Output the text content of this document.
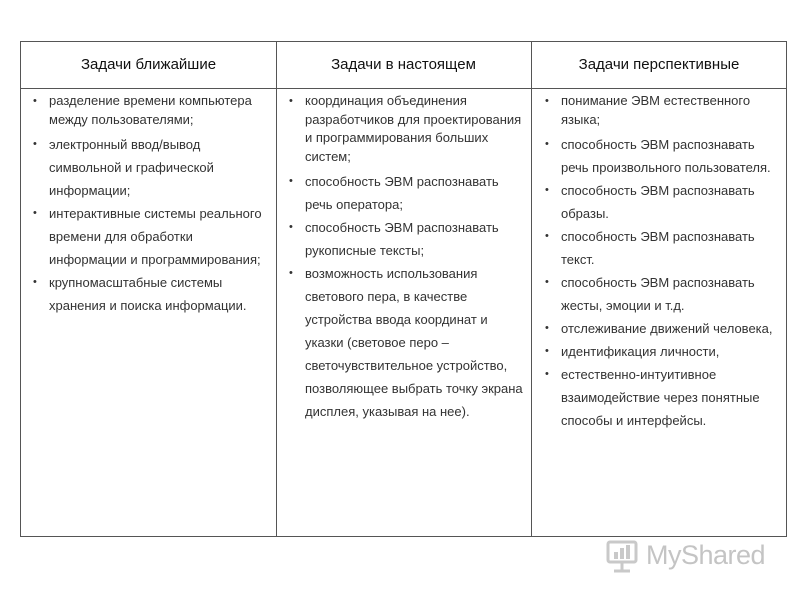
Задачи ближайшие	Задачи в настоящем	Задачи перспективные
• разделение времени компьютера между пользователями;
• электронный ввод/вывод символьной и графической информации;
• интерактивные системы реального времени для обработки информации и программирования;
• крупномасштабные системы хранения и поиска информации.
• координация объединения разработчиков для проектирования и программирования больших систем;
• способность ЭВМ распознавать речь оператора;
• способность ЭВМ распознавать рукописные тексты;
• возможность использования светового пера, в качестве устройства ввода координат и указки (световое перо – светочувствительное устройство, позволяющее выбрать точку экрана дисплея, указывая на нее).
• понимание ЭВМ естественного языка;
• способность ЭВМ распознавать речь произвольного пользователя.
• способность ЭВМ распознавать образы.
• способность ЭВМ распознавать текст.
• способность ЭВМ распознавать жесты, эмоции и т.д.
• отслеживание движений человека,
• идентификация личности,
• естественно-интуитивное взаимодействие через понятные способы и интерфейсы.
MyShared
